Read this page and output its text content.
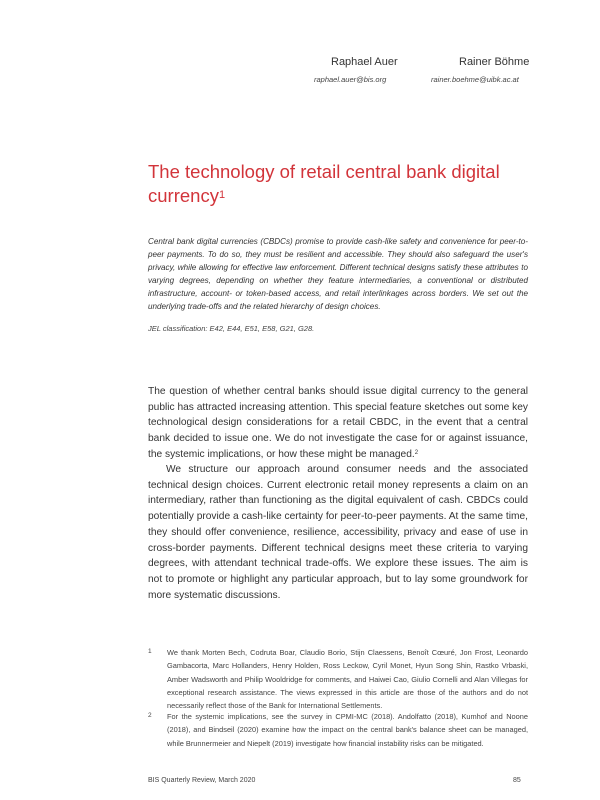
Raphael Auer	Rainer Böhme
raphael.auer@bis.org	rainer.boehme@uibk.ac.at
The technology of retail central bank digital currency$^1$

Central bank digital currencies (CBDCs) promise to provide cash-like safety and convenience for peer-to-peer payments. To do so, they must be resilient and accessible. They should also safeguard the user's privacy, while allowing for effective law enforcement. Different technical designs satisfy these attributes to varying degrees, depending on whether they feature intermediaries, a conventional or distributed infrastructure, account- or token-based access, and retail interlinkages across borders. We set out the underlying trade-offs and the related hierarchy of design choices.

JEL classification: E42, E44, E51, E58, G21, G28.

The question of whether central banks should issue digital currency to the general public has attracted increasing attention. This special feature sketches out some key technological design considerations for a retail CBDC, in the event that a central bank decided to issue one. We do not investigate the case for or against issuance, the systemic implications, or how these might be managed.$^2$

We structure our approach around consumer needs and the associated technical design choices. Current electronic retail money represents a claim on an intermediary, rather than functioning as the digital equivalent of cash. CBDCs could potentially provide a cash-like certainty for peer-to-peer payments. At the same time, they should offer convenience, resilience, accessibility, privacy and ease of use in cross-border payments. Different technical designs meet these criteria to varying degrees, with attendant technical trade-offs. We explore these issues. The aim is not to promote or highlight any particular approach, but to lay some groundwork for more systematic discussions.

1 We thank Morten Bech, Codruta Boar, Claudio Borio, Stijn Claessens, Benoît Cœuré, Jon Frost, Leonardo Gambacorta, Marc Hollanders, Henry Holden, Ross Leckow, Cyril Monet, Hyun Song Shin, Rastko Vrbaski, Amber Wadsworth and Philip Wooldridge for comments, and Haiwei Cao, Giulio Cornelli and Alan Villegas for exceptional research assistance. The views expressed in this article are those of the authors and do not necessarily reflect those of the Bank for International Settlements.

2 For the systemic implications, see the survey in CPMI-MC (2018). Andolfatto (2018), Kumhof and Noone (2018), and Bindseil (2020) examine how the impact on the central bank's balance sheet can be managed, while Brunnermeier and Niepelt (2019) investigate how financial instability risks can be mitigated.

BIS Quarterly Review, March 2020	85
